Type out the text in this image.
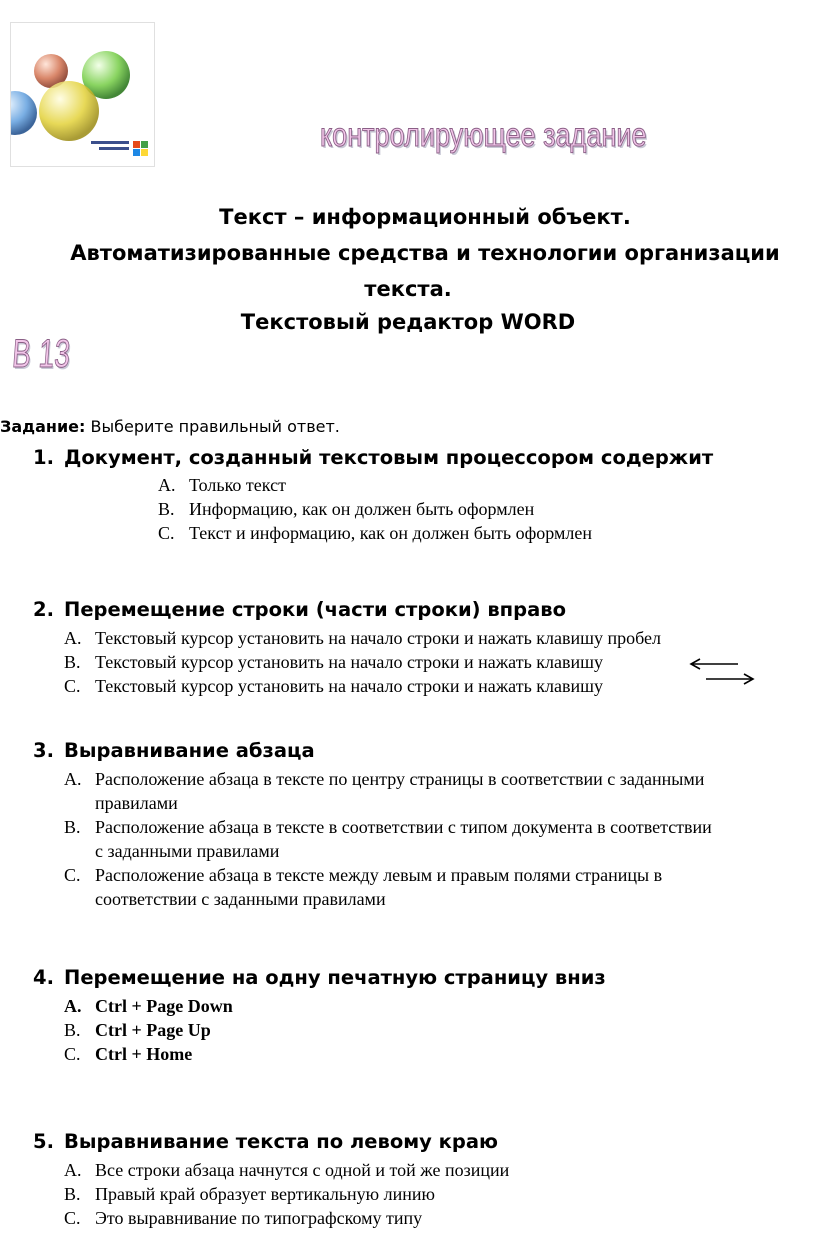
контролирующее задание
В 13
Текст – информационный объект.
Автоматизированные средства и технологии организации
текста.
Текстовый редактор WORD
Задание: Выберите правильный ответ.
1. Документ, созданный текстовым процессором содержит
A. Только текст
B. Информацию, как он должен быть оформлен
C. Текст и информацию, как он должен быть оформлен
2. Перемещение строки (части строки) вправо
A. Текстовый курсор установить на начало строки и нажать клавишу пробел
B. Текстовый курсор установить на начало строки и нажать клавишу
C. Текстовый курсор установить на начало строки и нажать клавишу
3. Выравнивание абзаца
A. Расположение абзаца в тексте по центру страницы в соответствии с заданными
правилами
B. Расположение абзаца в тексте в соответствии с типом документа в соответствии
с заданными правилами
C. Расположение абзаца в тексте между левым и правым полями страницы в
соответствии с заданными правилами
4. Перемещение на одну печатную страницу вниз
A. Ctrl + Page Down
B. Ctrl + Page Up
C. Ctrl + Home
5. Выравнивание текста по левому краю
A. Все строки абзаца начнутся с одной и той же позиции
B. Правый край образует вертикальную линию
C. Это выравнивание по типографскому типу
